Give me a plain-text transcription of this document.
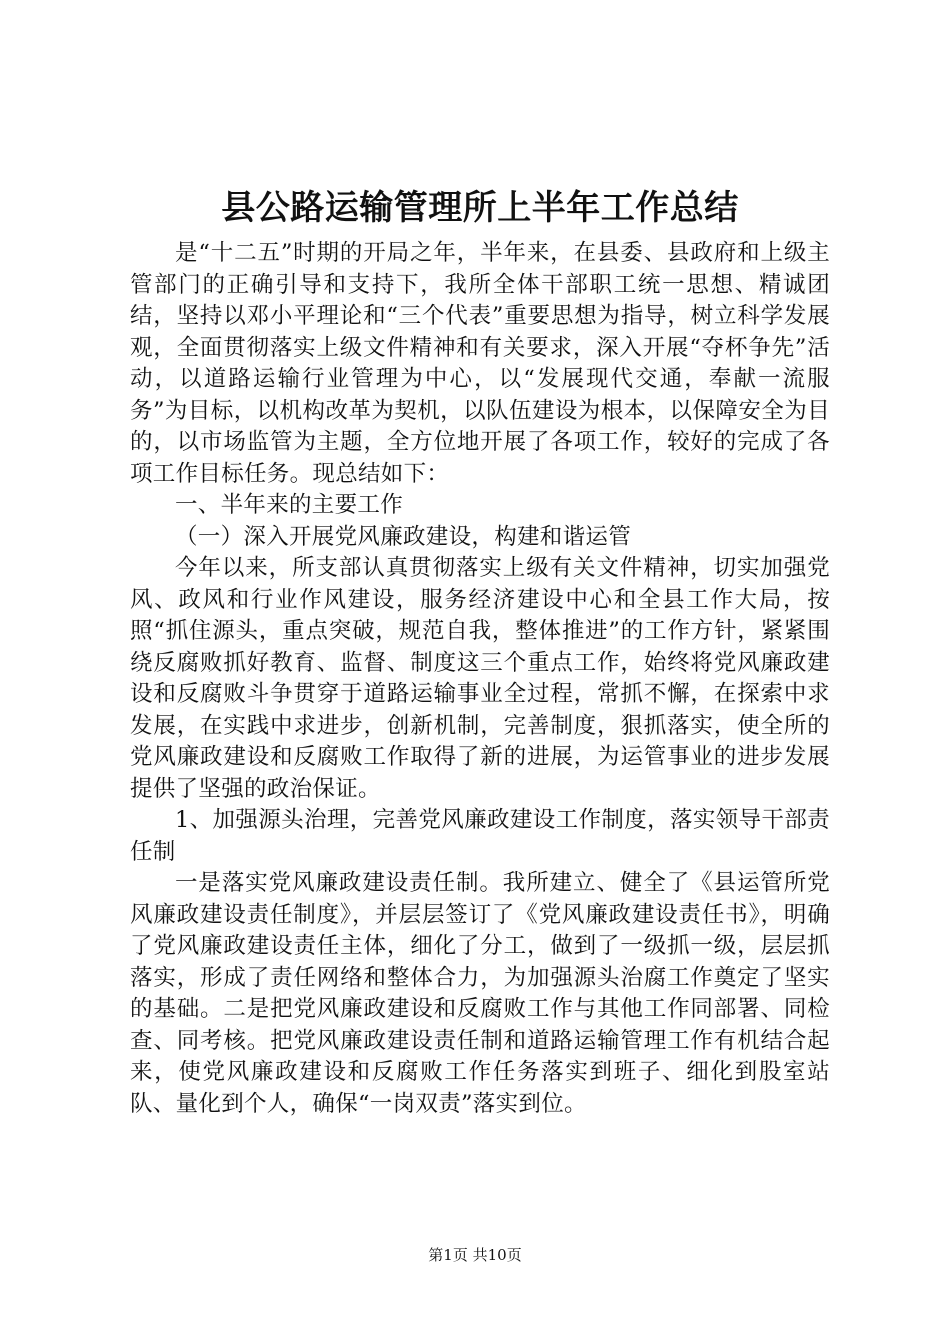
县公路运输管理所上半年工作总结

是“十二五”时期的开局之年，半年来，在县委、县政府和上级主管部门的正确引导和支持下，我所全体干部职工统一思想、精诚团结，坚持以邓小平理论和“三个代表”重要思想为指导，树立科学发展观，全面贯彻落实上级文件精神和有关要求，深入开展“夺杯争先”活动，以道路运输行业管理为中心，以“发展现代交通，奉献一流服务”为目标，以机构改革为契机，以队伍建设为根本，以保障安全为目的，以市场监管为主题，全方位地开展了各项工作，较好的完成了各项工作目标任务。现总结如下：

一、半年来的主要工作

（一）深入开展党风廉政建设，构建和谐运管

今年以来，所支部认真贯彻落实上级有关文件精神，切实加强党风、政风和行业作风建设，服务经济建设中心和全县工作大局，按照“抓住源头，重点突破，规范自我，整体推进”的工作方针，紧紧围绕反腐败抓好教育、监督、制度这三个重点工作，始终将党风廉政建设和反腐败斗争贯穿于道路运输事业全过程，常抓不懈，在探索中求发展，在实践中求进步，创新机制，完善制度，狠抓落实，使全所的党风廉政建设和反腐败工作取得了新的进展，为运管事业的进步发展提供了坚强的政治保证。

1、加强源头治理，完善党风廉政建设工作制度，落实领导干部责任制

一是落实党风廉政建设责任制。我所建立、健全了《县运管所党风廉政建设责任制度》，并层层签订了《党风廉政建设责任书》，明确了党风廉政建设责任主体，细化了分工，做到了一级抓一级，层层抓落实，形成了责任网络和整体合力，为加强源头治腐工作奠定了坚实的基础。二是把党风廉政建设和反腐败工作与其他工作同部署、同检查、同考核。把党风廉政建设责任制和道路运输管理工作有机结合起来，使党风廉政建设和反腐败工作任务落实到班子、细化到股室站队、量化到个人，确保“一岗双责”落实到位。

第1页 共10页
